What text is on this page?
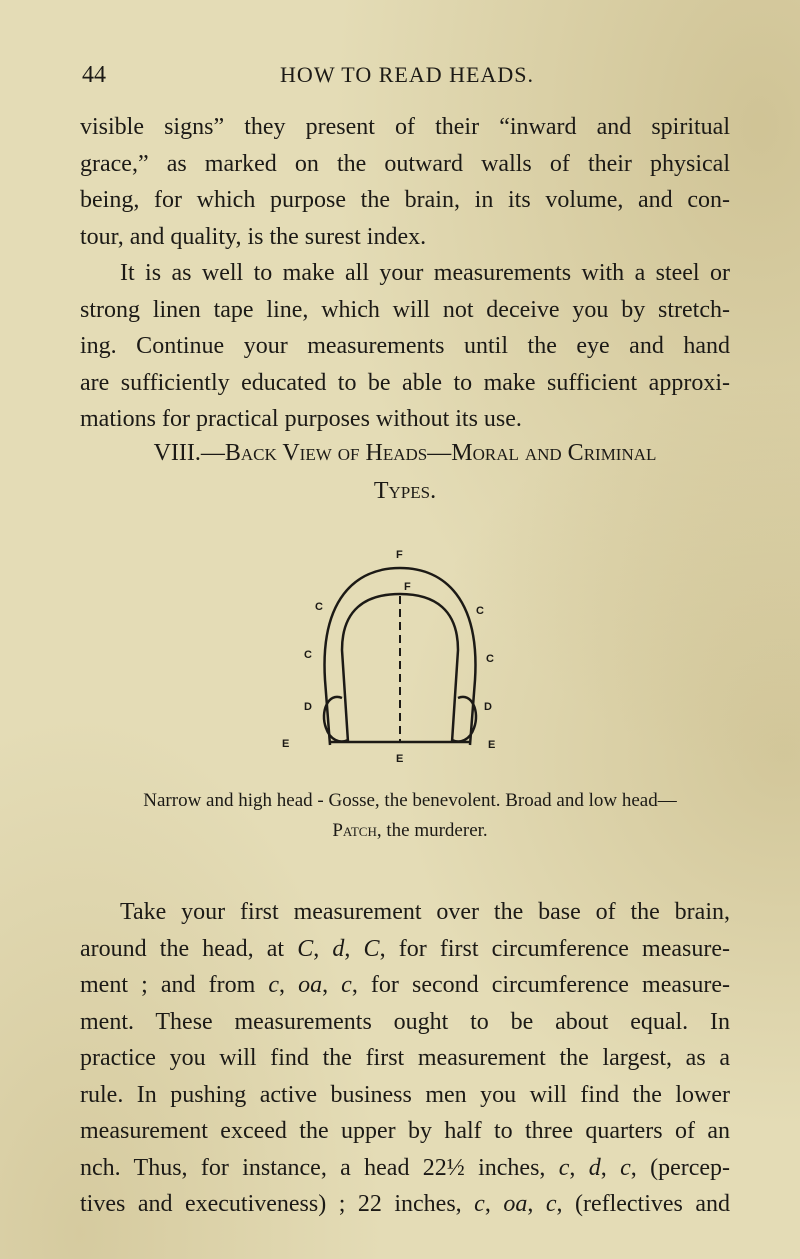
44	HOW TO READ HEADS.
visible signs” they present of their “inward and spiritual
grace,” as marked on the outward walls of their physical
being, for which purpose the brain, in its volume, and con-
tour, and quality, is the surest index.
It is as well to make all your measurements with a steel or
strong linen tape line, which will not deceive you by stretch-
ing. Continue your measurements until the eye and hand
are sufficiently educated to be able to make sufficient approxi-
mations for practical purposes without its use.
VIII.—Back View of Heads—Moral and Criminal
Types.
F
F
C
C
D
E
C
C
D
E
E
Narrow and high head - Gosse, the benevolent. Broad and low head—
Patch, the murderer.
Take your first measurement over the base of the brain,
around the head, at C, d, C, for first circumference measure-
ment ; and from c, oa, c, for second circumference measure-
ment. These measurements ought to be about equal. In
practice you will find the first measurement the largest, as a
rule. In pushing active business men you will find the lower
measurement exceed the upper by half to three quarters of an
nch. Thus, for instance, a head 22½ inches, c, d, c, (percep-
tives and executiveness) ; 22 inches, c, oa, c, (reflectives and
